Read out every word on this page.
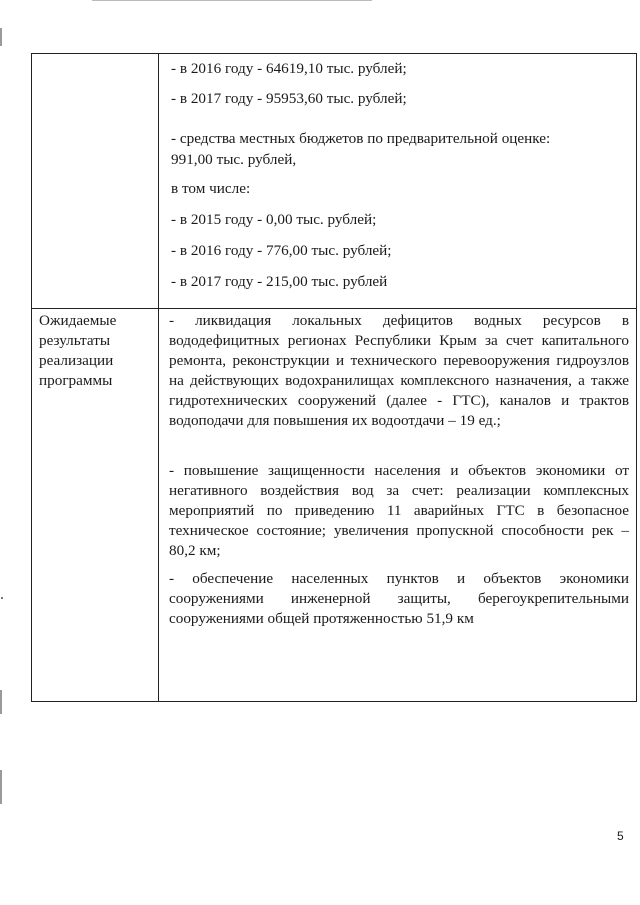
- в 2016 году - 64619,10 тыс. рублей;
- в 2017 году - 95953,60 тыс. рублей;
- средства местных бюджетов по предварительной оценке:
991,00 тыс. рублей,
в том числе:
- в 2015 году - 0,00 тыс. рублей;
- в 2016 году - 776,00 тыс. рублей;
- в 2017 году - 215,00 тыс. рублей
Ожидаемые
результаты
реализации
программы
- ликвидация локальных дефицитов водных ресурсов в вододефицитных регионах Республики Крым за счет капитального ремонта, реконструкции и технического перевооружения гидроузлов на действующих водохранилищах комплексного назначения, а также гидротехнических сооружений (далее - ГТС), каналов и трактов водоподачи для повышения их водоотдачи – 19 ед.;
- повышение защищенности населения и объектов экономики от негативного воздействия вод за счет: реализации комплексных мероприятий по приведению 11 аварийных ГТС в безопасное техническое состояние; увеличения пропускной способности рек – 80,2 км;
- обеспечение населенных пунктов и объектов экономики сооружениями инженерной защиты, берегоукрепительными сооружениями общей протяженностью 51,9 км
5
